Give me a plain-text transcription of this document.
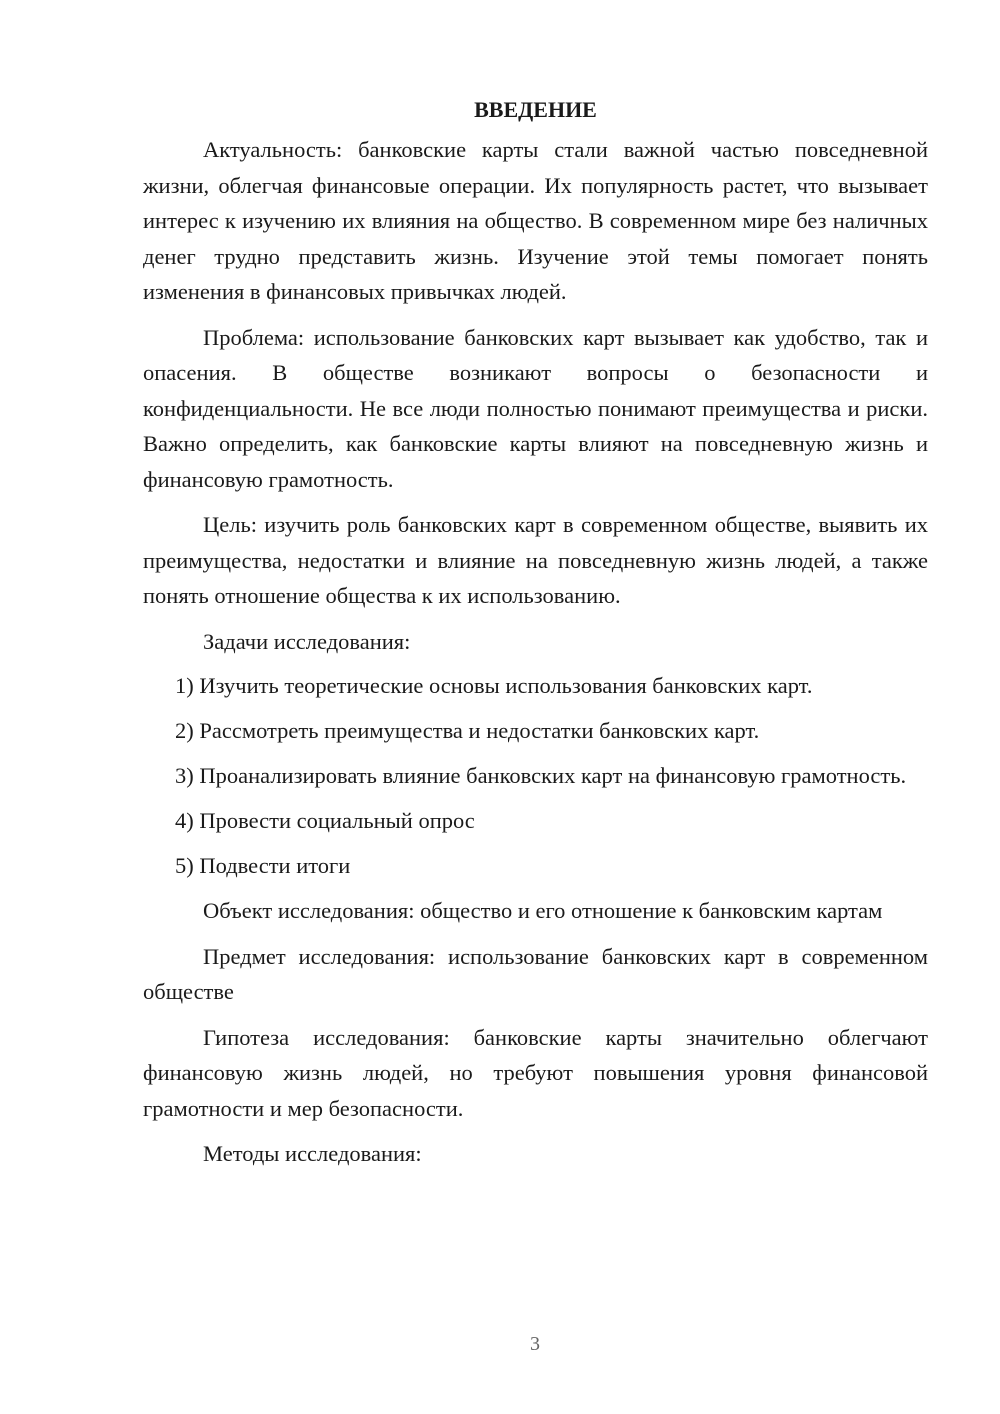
ВВЕДЕНИЕ

Актуальность: банковские карты стали важной частью повседневной жизни, облегчая финансовые операции. Их популярность растет, что вызывает интерес к изучению их влияния на общество. В современном мире без наличных денег трудно представить жизнь. Изучение этой темы помогает понять изменения в финансовых привычках людей.

Проблема: использование банковских карт вызывает как удобство, так и опасения. В обществе возникают вопросы о безопасности и конфиденциальности. Не все люди полностью понимают преимущества и риски. Важно определить, как банковские карты влияют на повседневную жизнь и финансовую грамотность.

Цель: изучить роль банковских карт в современном обществе, выявить их преимущества, недостатки и влияние на повседневную жизнь людей, а также понять отношение общества к их использованию.

Задачи исследования:

1) Изучить теоретические основы использования банковских карт.

2) Рассмотреть преимущества и недостатки банковских карт.

3) Проанализировать влияние банковских карт на финансовую грамотность.

4) Провести социальный опрос

5) Подвести итоги

Объект исследования: общество и его отношение к банковским картам

Предмет исследования: использование банковских карт в современном обществе

Гипотеза исследования: банковские карты значительно облегчают финансовую жизнь людей, но требуют повышения уровня финансовой грамотности и мер безопасности.

Методы исследования:

3
